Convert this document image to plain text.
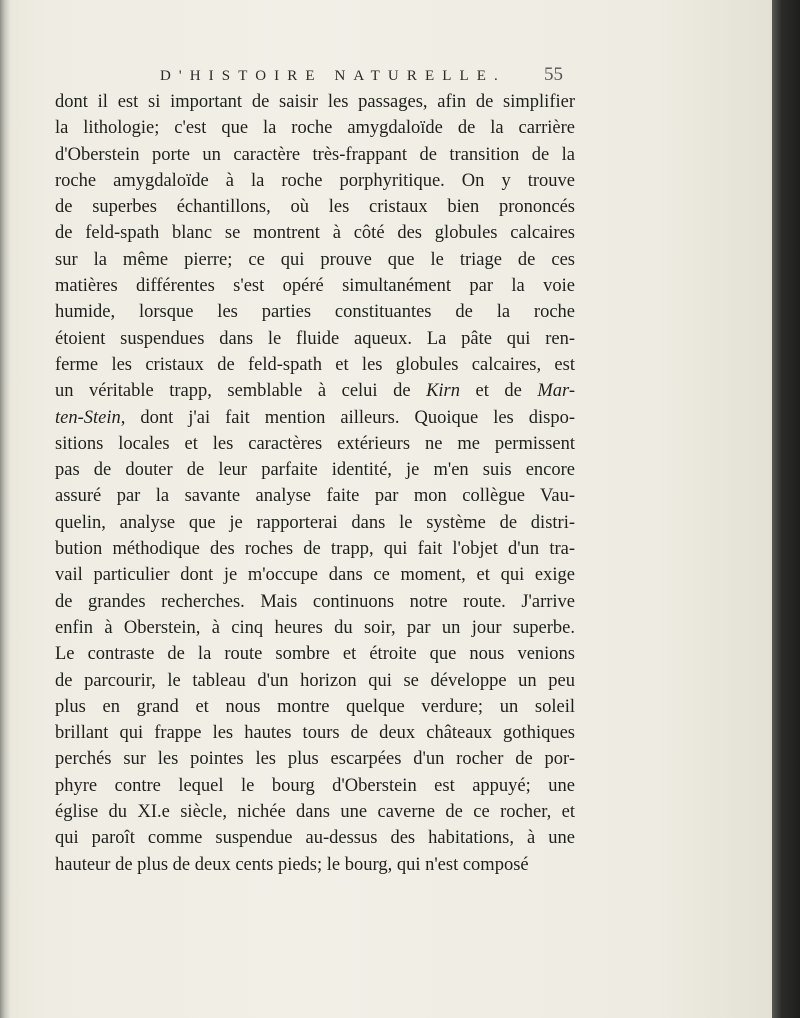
D'HISTOIRE NATURELLE. 55
dont il est si important de saisir les passages, afin de simplifier
la lithologie; c'est que la roche amygdaloïde de la carrière
d'Oberstein porte un caractère très-frappant de transition de la
roche amygdaloïde à la roche porphyritique. On y trouve
de superbes échantillons, où les cristaux bien prononcés
de feld-spath blanc se montrent à côté des globules calcaires
sur la même pierre; ce qui prouve que le triage de ces
matières différentes s'est opéré simultanément par la voie
humide, lorsque les parties constituantes de la roche
étoient suspendues dans le fluide aqueux. La pâte qui ren-
ferme les cristaux de feld-spath et les globules calcaires, est
un véritable trapp, semblable à celui de Kirn et de Mar-
ten-Stein, dont j'ai fait mention ailleurs. Quoique les dispo-
sitions locales et les caractères extérieurs ne me permissent
pas de douter de leur parfaite identité, je m'en suis encore
assuré par la savante analyse faite par mon collègue Vau-
quelin, analyse que je rapporterai dans le système de distri-
bution méthodique des roches de trapp, qui fait l'objet d'un tra-
vail particulier dont je m'occupe dans ce moment, et qui exige
de grandes recherches. Mais continuons notre route. J'arrive
enfin à Oberstein, à cinq heures du soir, par un jour superbe.
Le contraste de la route sombre et étroite que nous venions
de parcourir, le tableau d'un horizon qui se développe un peu
plus en grand et nous montre quelque verdure; un soleil
brillant qui frappe les hautes tours de deux châteaux gothiques
perchés sur les pointes les plus escarpées d'un rocher de por-
phyre contre lequel le bourg d'Oberstein est appuyé; une
église du XI.e siècle, nichée dans une caverne de ce rocher, et
qui paroît comme suspendue au-dessus des habitations, à une
hauteur de plus de deux cents pieds; le bourg, qui n'est composé
